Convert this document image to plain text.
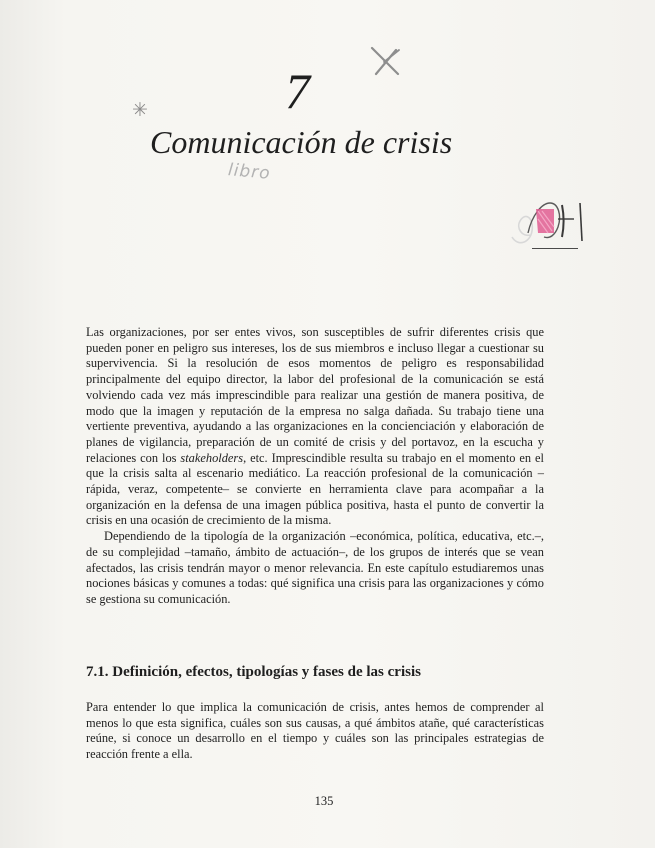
7
✳
Comunicación de crisis
libro

Las organizaciones, por ser entes vivos, son susceptibles de sufrir diferentes crisis que pueden poner en peligro sus intereses, los de sus miembros e incluso llegar a cuestionar su supervivencia. Si la resolución de esos momentos de peligro es responsabilidad principalmente del equipo director, la labor del profesional de la comunicación se está volviendo cada vez más imprescindible para realizar una gestión de manera positiva, de modo que la imagen y reputación de la empresa no salga dañada. Su trabajo tiene una vertiente preventiva, ayudando a las organizaciones en la concienciación y elaboración de planes de vigilancia, preparación de un comité de crisis y del portavoz, en la escucha y relaciones con los stakeholders, etc. Imprescindible resulta su trabajo en el momento en el que la crisis salta al escenario mediático. La reacción profesional de la comunicación –rápida, veraz, competente– se convierte en herramienta clave para acompañar a la organización en la defensa de una imagen pública positiva, hasta el punto de convertir la crisis en una ocasión de crecimiento de la misma.

Dependiendo de la tipología de la organización –económica, política, educativa, etc.–, de su complejidad –tamaño, ámbito de actuación–, de los grupos de interés que se vean afectados, las crisis tendrán mayor o menor relevancia. En este capítulo estudiaremos unas nociones básicas y comunes a todas: qué significa una crisis para las organizaciones y cómo se gestiona su comunicación.

7.1. Definición, efectos, tipologías y fases de las crisis

Para entender lo que implica la comunicación de crisis, antes hemos de comprender al menos lo que esta significa, cuáles son sus causas, a qué ámbitos atañe, qué características reúne, si conoce un desarrollo en el tiempo y cuáles son las principales estrategias de reacción frente a ella.

135
